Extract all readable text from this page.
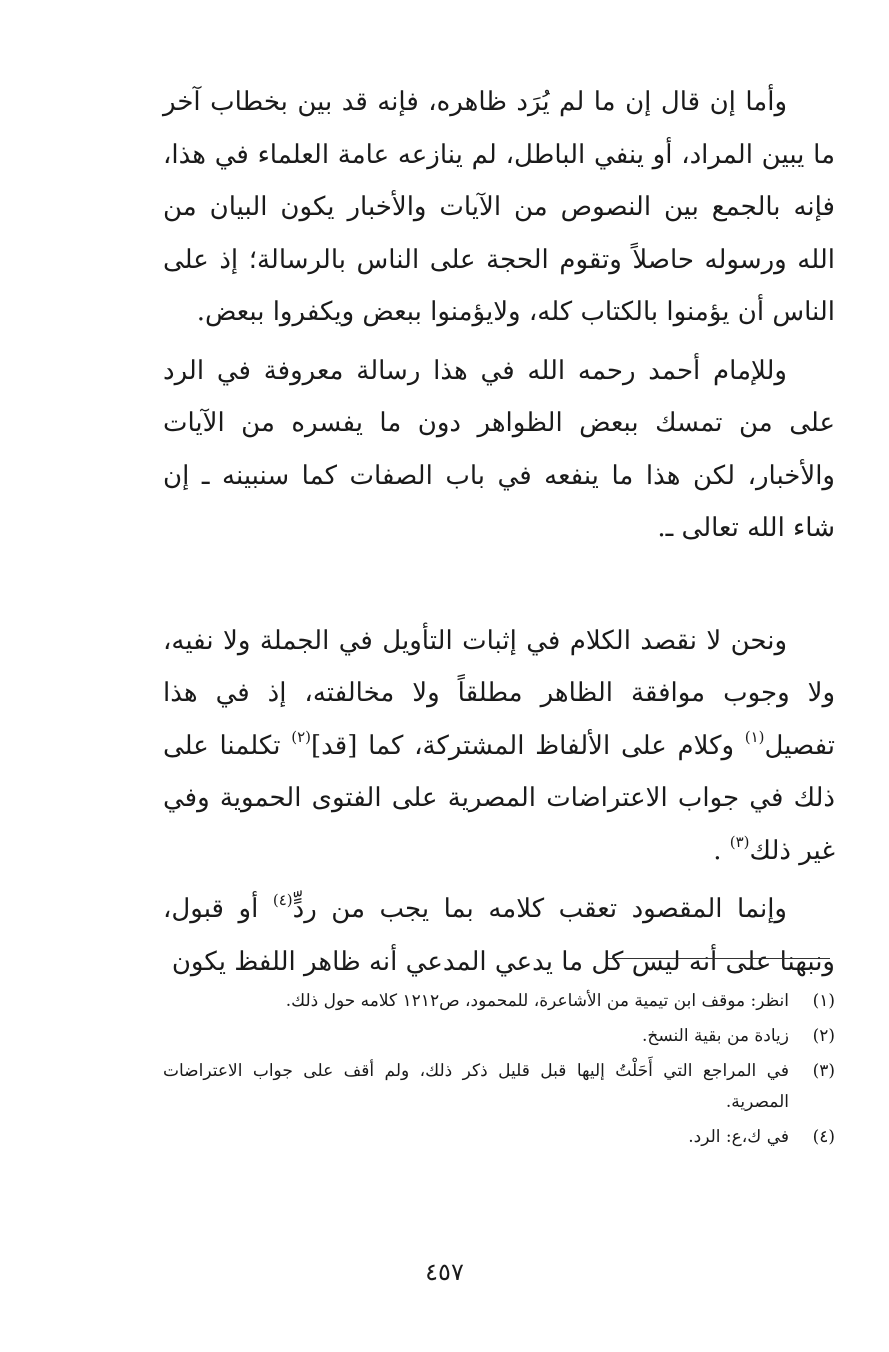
وأما إن قال إن ما لم يُرَد ظاهره، فإنه قد بين بخطاب آخر ما يبين المراد، أو ينفي الباطل، لم ينازعه عامة العلماء في هذا، فإنه بالجمع بين النصوص من الآيات والأخبار يكون البيان من الله ورسوله حاصلاً وتقوم الحجة على الناس بالرسالة؛ إذ على الناس أن يؤمنوا بالكتاب كله، ولايؤمنوا ببعض ويكفروا ببعض.

وللإمام أحمد رحمه الله في هذا رسالة معروفة في الرد على من تمسك ببعض الظواهر دون ما يفسره من الآيات والأخبار، لكن هذا ما ينفعه في باب الصفات كما سنبينه ـ إن شاء الله تعالى ـ.

ونحن لا نقصد الكلام في إثبات التأويل في الجملة ولا نفيه، ولا وجوب موافقة الظاهر مطلقاً ولا مخالفته، إذ في هذا تفصيل$^{(١)}$ وكلام على الألفاظ المشتركة، كما [قد]$^{(٢)}$ تكلمنا على ذلك في جواب الاعتراضات المصرية على الفتوى الحموية وفي غير ذلك$^{(٣)}$ .

وإنما المقصود تعقب كلامه بما يجب من ردٍّ$^{(٤)}$ أو قبول، ونبهنا على أنه ليس كل ما يدعي المدعي أنه ظاهر اللفظ يكون

(١)
انظر: موقف ابن تيمية من الأشاعرة، للمحمود، ص١٢١٢ كلامه حول ذلك.
(٢)
زيادة من بقية النسخ.
(٣)
في المراجع التي أَحَلْتُ إليها قبل قليل ذكر ذلك، ولم أقف على جواب الاعتراضات المصرية.
(٤)
في ك،ع: الرد.
٤٥٧
